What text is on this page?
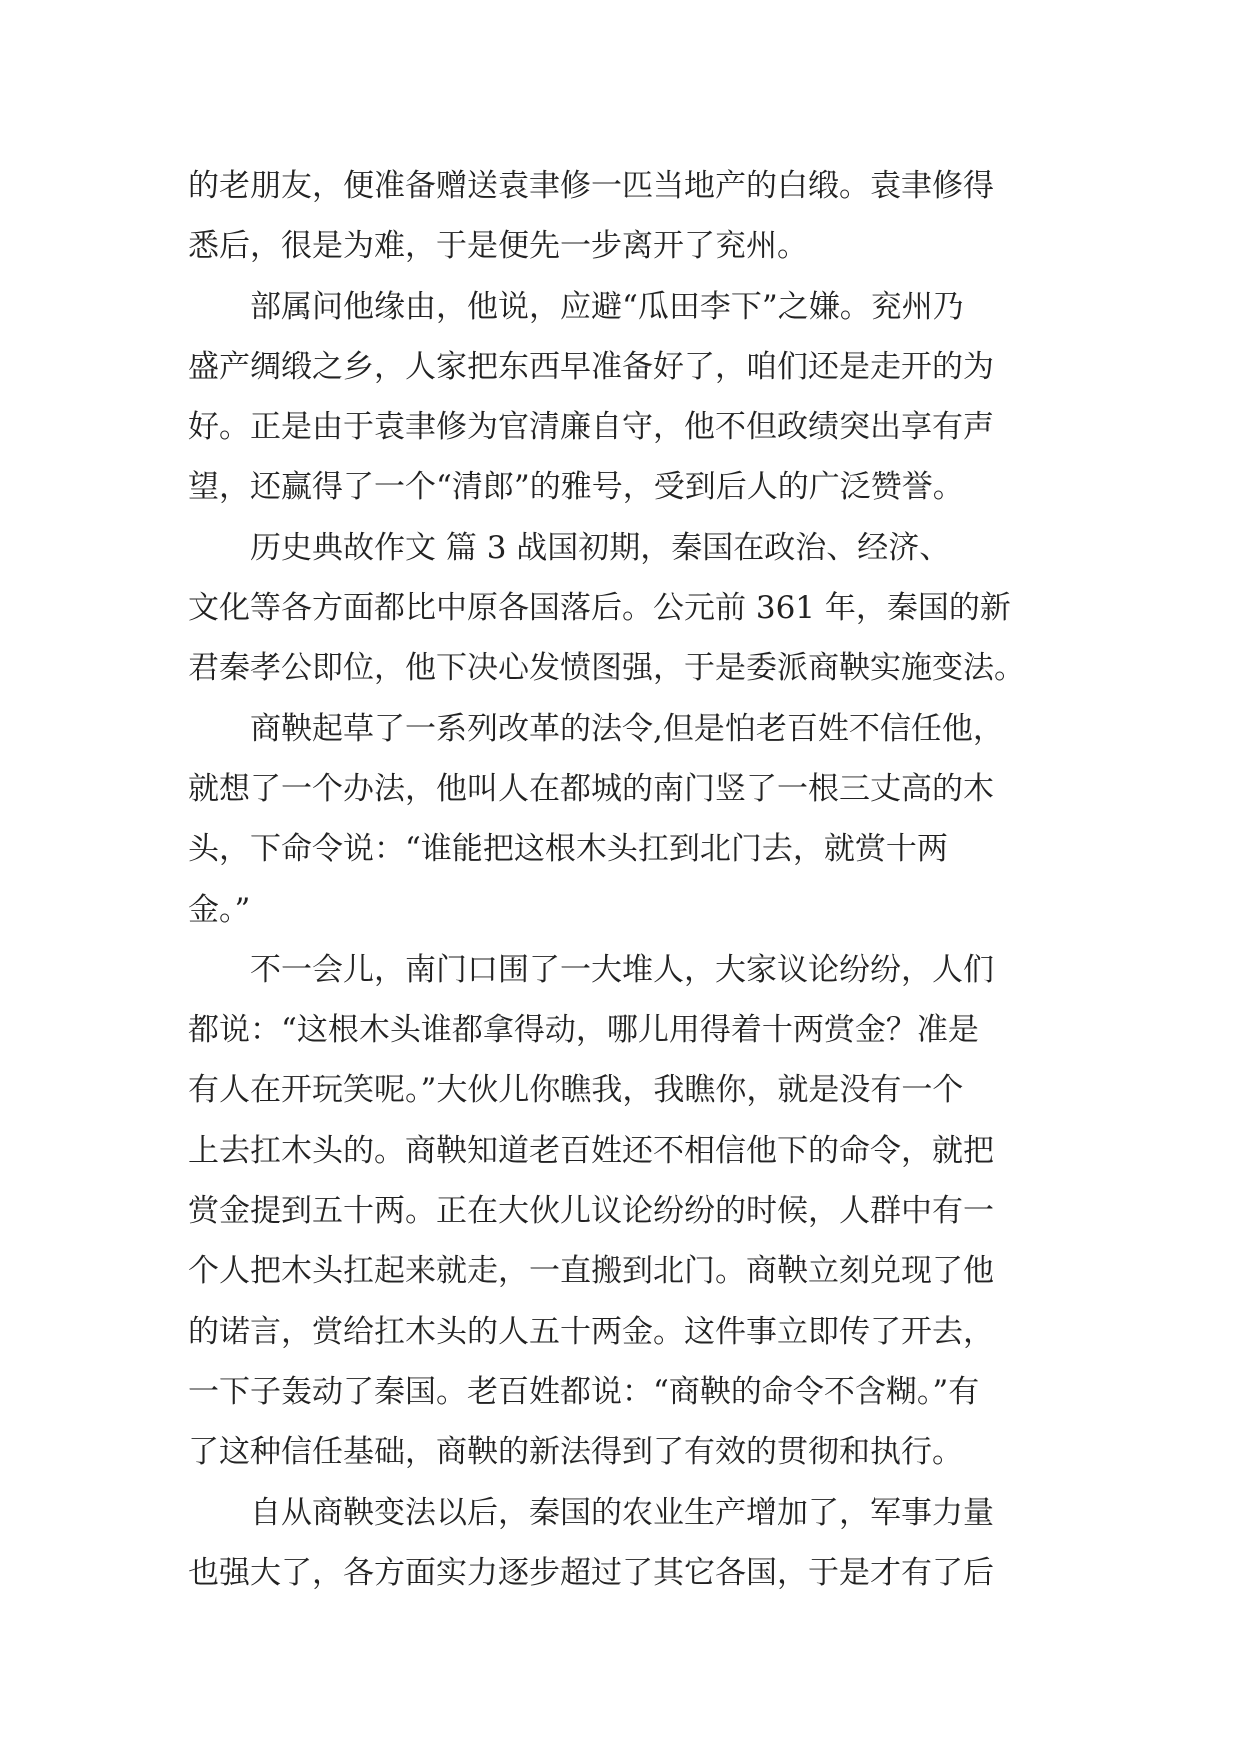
的老朋友，便准备赠送袁聿修一匹当地产的白缎。袁聿修得
悉后，很是为难，于是便先一步离开了兖州。
部属问他缘由，他说，应避“瓜田李下”之嫌。兖州乃
盛产绸缎之乡，人家把东西早准备好了，咱们还是走开的为
好。正是由于袁聿修为官清廉自守，他不但政绩突出享有声
望，还赢得了一个“清郎”的雅号，受到后人的广泛赞誉。
历史典故作文 篇 3 战国初期，秦国在政治、经济、
文化等各方面都比中原各国落后。公元前 361 年，秦国的新
君秦孝公即位，他下决心发愤图强，于是委派商鞅实施变法。
商鞅起草了一系列改革的法令,但是怕老百姓不信任他，
就想了一个办法，他叫人在都城的南门竖了一根三丈高的木
头，下命令说：“谁能把这根木头扛到北门去，就赏十两
金。”
不一会儿，南门口围了一大堆人，大家议论纷纷，人们
都说：“这根木头谁都拿得动，哪儿用得着十两赏金？准是
有人在开玩笑呢。”大伙儿你瞧我，我瞧你，就是没有一个
上去扛木头的。商鞅知道老百姓还不相信他下的命令，就把
赏金提到五十两。正在大伙儿议论纷纷的时候，人群中有一
个人把木头扛起来就走，一直搬到北门。商鞅立刻兑现了他
的诺言，赏给扛木头的人五十两金。这件事立即传了开去，
一下子轰动了秦国。老百姓都说：“商鞅的命令不含糊。”有
了这种信任基础，商鞅的新法得到了有效的贯彻和执行。
自从商鞅变法以后，秦国的农业生产增加了，军事力量
也强大了，各方面实力逐步超过了其它各国，于是才有了后
